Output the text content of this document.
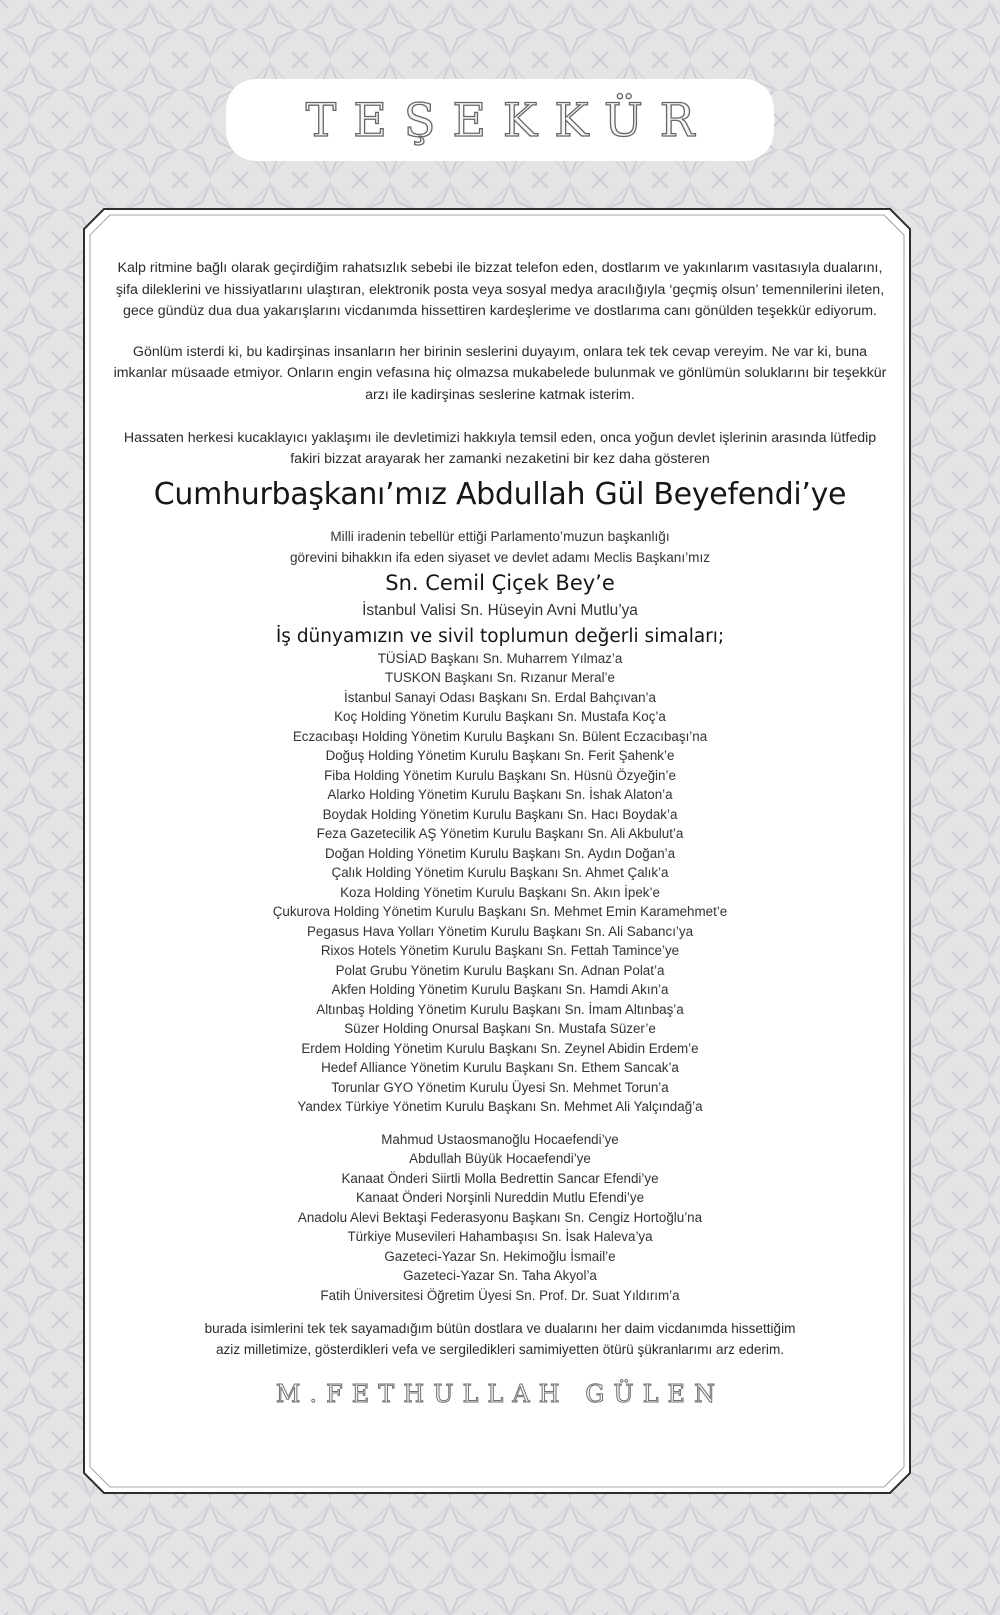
TEŞEKKÜR

Kalp ritmine bağlı olarak geçirdiğim rahatsızlık sebebi ile bizzat telefon eden, dostlarım ve yakınlarım vasıtasıyla dualarını, şifa dileklerini ve hissiyatlarını ulaştıran, elektronik posta veya sosyal medya aracılığıyla ‘geçmiş olsun’ temennilerini ileten, gece gündüz dua dua yakarışlarını vicdanımda hissettiren kardeşlerime ve dostlarıma canı gönülden teşekkür ediyorum.

Gönlüm isterdi ki, bu kadirşinas insanların her birinin seslerini duyayım, onlara tek tek cevap vereyim. Ne var ki, buna imkanlar müsaade etmiyor. Onların engin vefasına hiç olmazsa mukabelede bulunmak ve gönlümün soluklarını bir teşekkür arzı ile kadirşinas seslerine katmak isterim.

Hassaten herkesi kucaklayıcı yaklaşımı ile devletimizi hakkıyla temsil eden, onca yoğun devlet işlerinin arasında lütfedip fakiri bizzat arayarak her zamanki nezaketini bir kez daha gösteren

Cumhurbaşkanı’mız Abdullah Gül Beyefendi’ye
Milli iradenin tebellür ettiği Parlamento’muzun başkanlığı
görevini bihakkın ifa eden siyaset ve devlet adamı Meclis Başkanı’mız
Sn. Cemil Çiçek Bey’e
İstanbul Valisi Sn. Hüseyin Avni Mutlu’ya
İş dünyamızın ve sivil toplumun değerli simaları;
TÜSİAD Başkanı Sn. Muharrem Yılmaz’a
TUSKON Başkanı Sn. Rızanur Meral’e
İstanbul Sanayi Odası Başkanı Sn. Erdal Bahçıvan’a
Koç Holding Yönetim Kurulu Başkanı Sn. Mustafa Koç’a
Eczacıbaşı Holding Yönetim Kurulu Başkanı Sn. Bülent Eczacıbaşı’na
Doğuş Holding Yönetim Kurulu Başkanı Sn. Ferit Şahenk’e
Fiba Holding Yönetim Kurulu Başkanı Sn. Hüsnü Özyeğin’e
Alarko Holding Yönetim Kurulu Başkanı Sn. İshak Alaton’a
Boydak Holding Yönetim Kurulu Başkanı Sn. Hacı Boydak’a
Feza Gazetecilik AŞ Yönetim Kurulu Başkanı Sn. Ali Akbulut’a
Doğan Holding Yönetim Kurulu Başkanı Sn. Aydın Doğan’a
Çalık Holding Yönetim Kurulu Başkanı Sn. Ahmet Çalık’a
Koza Holding Yönetim Kurulu Başkanı Sn. Akın İpek’e
Çukurova Holding Yönetim Kurulu Başkanı Sn. Mehmet Emin Karamehmet’e
Pegasus Hava Yolları Yönetim Kurulu Başkanı Sn. Ali Sabancı’ya
Rixos Hotels Yönetim Kurulu Başkanı Sn. Fettah Tamince’ye
Polat Grubu Yönetim Kurulu Başkanı Sn. Adnan Polat’a
Akfen Holding Yönetim Kurulu Başkanı Sn. Hamdi Akın’a
Altınbaş Holding Yönetim Kurulu Başkanı Sn. İmam Altınbaş’a
Süzer Holding Onursal Başkanı Sn. Mustafa Süzer’e
Erdem Holding Yönetim Kurulu Başkanı Sn. Zeynel Abidin Erdem’e
Hedef Alliance Yönetim Kurulu Başkanı Sn. Ethem Sancak’a
Torunlar GYO Yönetim Kurulu Üyesi Sn. Mehmet Torun’a
Yandex Türkiye Yönetim Kurulu Başkanı Sn. Mehmet Ali Yalçındağ’a
Mahmud Ustaosmanoğlu Hocaefendi’ye
Abdullah Büyük Hocaefendi’ye
Kanaat Önderi Siirtli Molla Bedrettin Sancar Efendi’ye
Kanaat Önderi Norşinli Nureddin Mutlu Efendi’ye
Anadolu Alevi Bektaşi Federasyonu Başkanı Sn. Cengiz Hortoğlu’na
Türkiye Musevileri Hahambaşısı Sn. İsak Haleva’ya
Gazeteci-Yazar Sn. Hekimoğlu İsmail’e
Gazeteci-Yazar Sn. Taha Akyol’a
Fatih Üniversitesi Öğretim Üyesi Sn. Prof. Dr. Suat Yıldırım’a
burada isimlerini tek tek sayamadığım bütün dostlara ve dualarını her daim vicdanımda hissettiğim
aziz milletimize, gösterdikleri vefa ve sergiledikleri samimiyetten ötürü şükranlarımı arz ederim.
M.FETHULLAH GÜLEN
